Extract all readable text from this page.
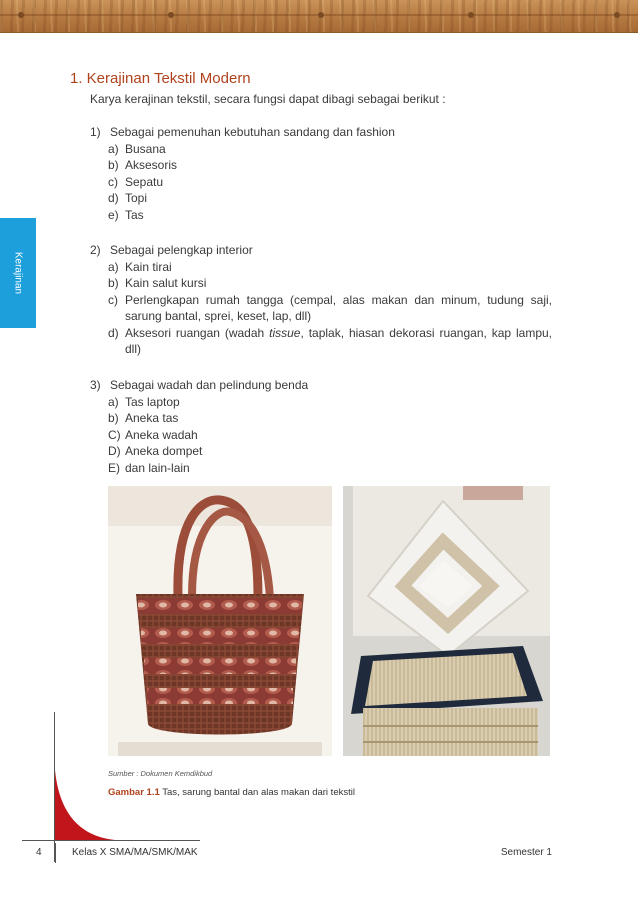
Kerajinan
1. Kerajinan Tekstil Modern
Karya kerajinan tekstil, secara fungsi dapat dibagi sebagai berikut :
1) Sebagai pemenuhan kebutuhan sandang dan fashion
a) Busana
b) Aksesoris
c) Sepatu
d) Topi
e) Tas
2) Sebagai pelengkap interior
a) Kain tirai
b) Kain salut kursi
c) Perlengkapan rumah tangga (cempal, alas makan dan minum, tudung saji, sarung bantal, sprei, keset, lap, dll)
d) Aksesori ruangan (wadah tissue, taplak, hiasan dekorasi ruangan, kap lampu, dll)
3) Sebagai wadah dan pelindung benda
a) Tas laptop
b) Aneka tas
C) Aneka wadah
D) Aneka dompet
E) dan lain-lain
Sumber : Dokumen Kemdikbud
Gambar 1.1 Tas, sarung bantal dan alas makan dari tekstil
4	Kelas X SMA/MA/SMK/MAK	Semester 1
